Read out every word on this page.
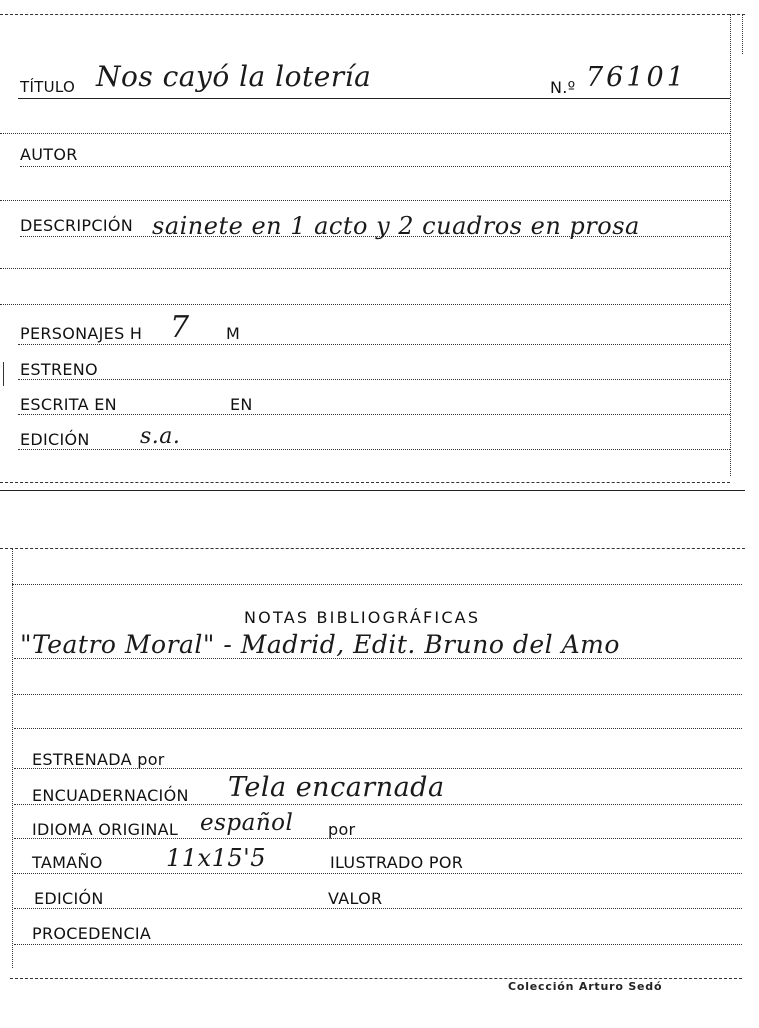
TÍTULO Nos cayó la lotería	N.º 76101
AUTOR
DESCRIPCIÓN sainete en 1 acto y 2 cuadros en prosa
PERSONAJES H 7 M
ESTRENO
ESCRITA EN	EN
EDICIÓN s.a.
NOTAS BIBLIOGRÁFICAS
"Teatro Moral" - Madrid, Edit. Bruno del Amo
ESTRENADA por
ENCUADERNACIÓN Tela encarnada
IDIOMA ORIGINAL español por
TAMAÑO	11x15'5	ILUSTRADO POR
EDICIÓN	VALOR
PROCEDENCIA
Colección Arturo Sedó
